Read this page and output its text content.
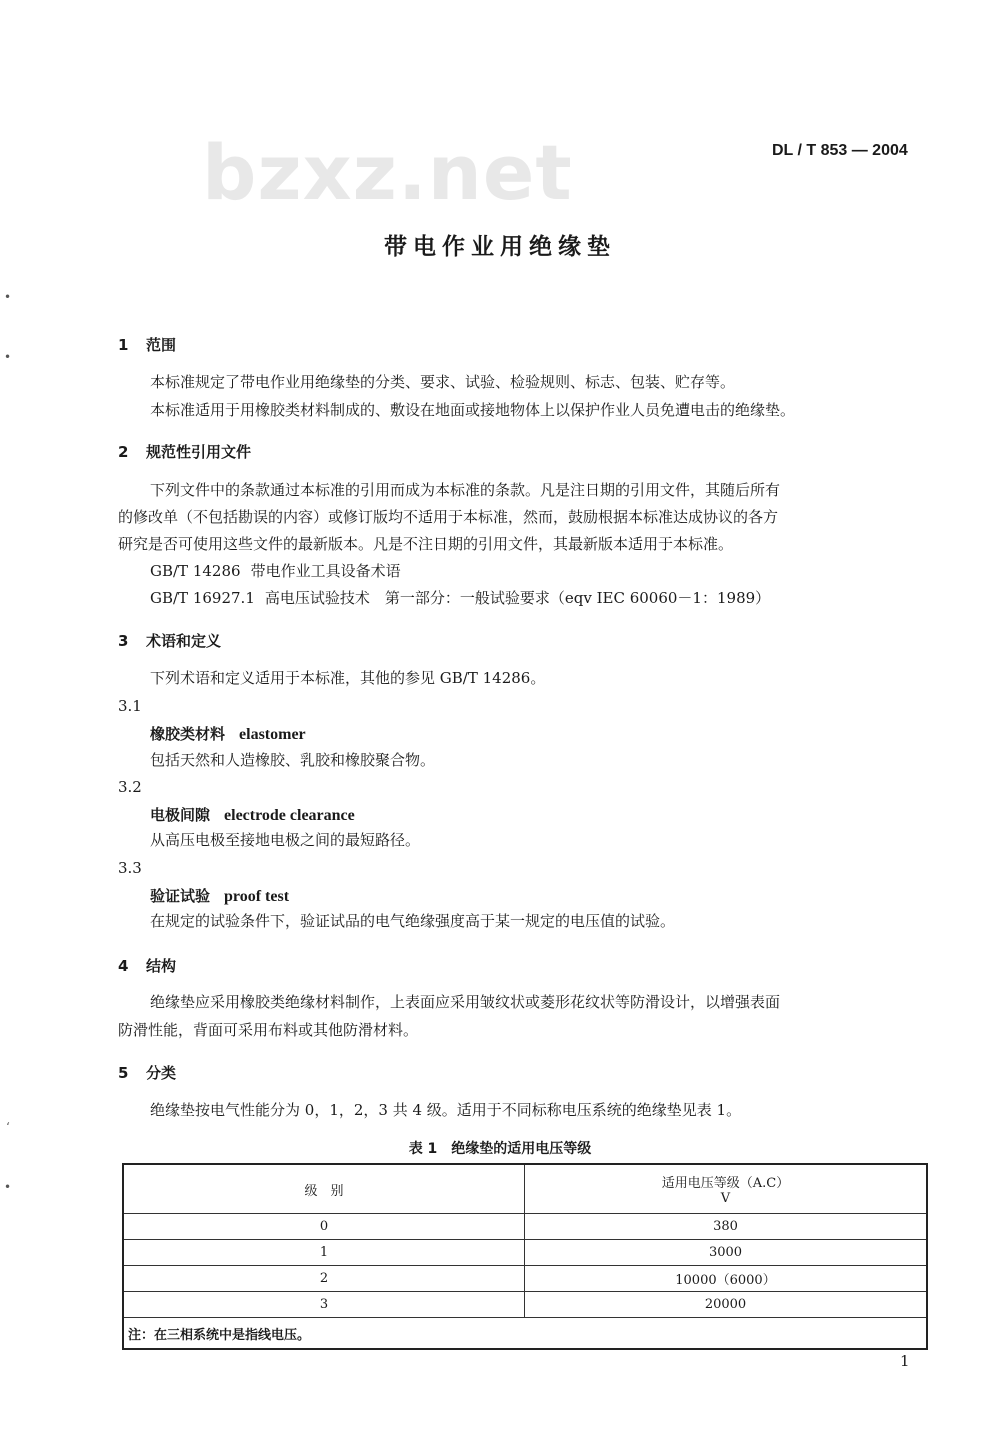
•
•
‘
•
bzxz.net	DL / T 853 — 2004
带电作业用绝缘垫
1 范围
本标准规定了带电作业用绝缘垫的分类、要求、试验、检验规则、标志、包装、贮存等。
本标准适用于用橡胶类材料制成的、敷设在地面或接地物体上以保护作业人员免遭电击的绝缘垫。
2 规范性引用文件
下列文件中的条款通过本标准的引用而成为本标准的条款。凡是注日期的引用文件，其随后所有
的修改单（不包括勘误的内容）或修订版均不适用于本标准，然而，鼓励根据本标准达成协议的各方
研究是否可使用这些文件的最新版本。凡是不注日期的引用文件，其最新版本适用于本标准。
GB/T 14286 带电作业工具设备术语
GB/T 16927.1 高电压试验技术　第一部分：一般试验要求（eqv IEC 60060－1：1989）
3 术语和定义
下列术语和定义适用于本标准，其他的参见 GB/T 14286。
3.1
橡胶类材料 elastomer
包括天然和人造橡胶、乳胶和橡胶聚合物。
3.2
电极间隙 electrode clearance
从高压电极至接地电极之间的最短路径。
3.3
验证试验 proof test
在规定的试验条件下，验证试品的电气绝缘强度高于某一规定的电压值的试验。
4 结构
绝缘垫应采用橡胶类绝缘材料制作，上表面应采用皱纹状或菱形花纹状等防滑设计，以增强表面
防滑性能，背面可采用布料或其他防滑材料。
5 分类
绝缘垫按电气性能分为 0，1，2，3 共 4 级。适用于不同标称电压系统的绝缘垫见表 1。
表 1　绝缘垫的适用电压等级
级　别	适用电压等级（A.C）
V

0	380
1	3000
2	10000（6000）
3	20000
注：在三相系统中是指线电压。	
1
